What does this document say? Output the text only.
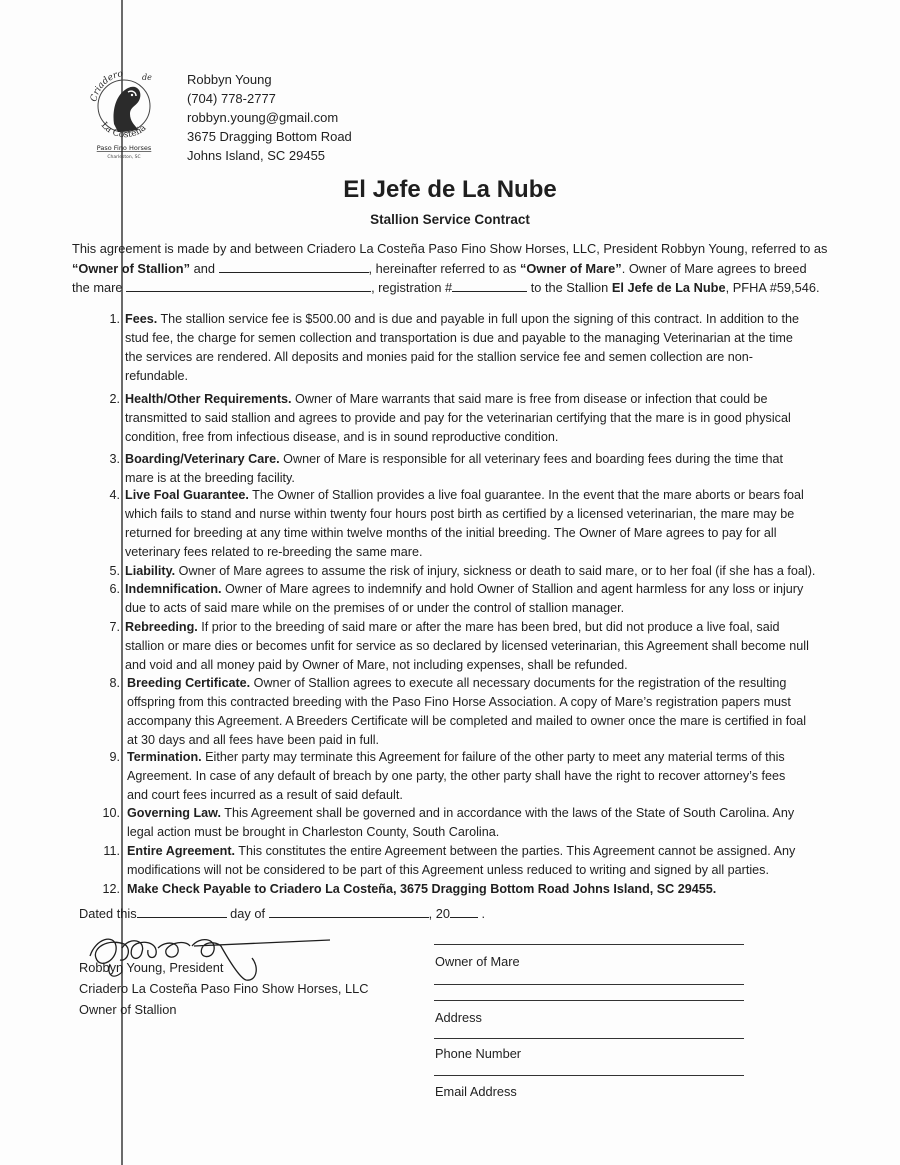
Criadero de
La Costeña
Paso Fino Horses
Charleston, SC
Robbyn Young
(704) 778-2777
robbyn.young@gmail.com
3675 Dragging Bottom Road
Johns Island, SC 29455
El Jefe de La Nube
Stallion Service Contract
This agreement is made by and between Criadero La Costeña Paso Fino Show Horses, LLC, President Robbyn Young, referred to as
“Owner of Stallion” and	, hereinafter referred to as “Owner of Mare”. Owner of Mare agrees to breed
the mare	, registration #	to the Stallion El Jefe de La Nube, PFHA #59,546.
1. Fees. The stallion service fee is $500.00 and is due and payable in full upon the signing of this contract. In addition to the
stud fee, the charge for semen collection and transportation is due and payable to the managing Veterinarian at the time
the services are rendered. All deposits and monies paid for the stallion service fee and semen collection are non-
refundable.
2. Health/Other Requirements. Owner of Mare warrants that said mare is free from disease or infection that could be
transmitted to said stallion and agrees to provide and pay for the veterinarian certifying that the mare is in good physical
condition, free from infectious disease, and is in sound reproductive condition.
3. Boarding/Veterinary Care. Owner of Mare is responsible for all veterinary fees and boarding fees during the time that
mare is at the breeding facility.
4. Live Foal Guarantee. The Owner of Stallion provides a live foal guarantee. In the event that the mare aborts or bears foal
which fails to stand and nurse within twenty four hours post birth as certified by a licensed veterinarian, the mare may be
returned for breeding at any time within twelve months of the initial breeding. The Owner of Mare agrees to pay for all
veterinary fees related to re-breeding the same mare.
5. Liability. Owner of Mare agrees to assume the risk of injury, sickness or death to said mare, or to her foal (if she has a foal).
6. Indemnification. Owner of Mare agrees to indemnify and hold Owner of Stallion and agent harmless for any loss or injury
due to acts of said mare while on the premises of or under the control of stallion manager.
7. Rebreeding. If prior to the breeding of said mare or after the mare has been bred, but did not produce a live foal, said
stallion or mare dies or becomes unfit for service as so declared by licensed veterinarian, this Agreement shall become null
and void and all money paid by Owner of Mare, not including expenses, shall be refunded.
8. Breeding Certificate. Owner of Stallion agrees to execute all necessary documents for the registration of the resulting
offspring from this contracted breeding with the Paso Fino Horse Association. A copy of Mare’s registration papers must
accompany this Agreement. A Breeders Certificate will be completed and mailed to owner once the mare is certified in foal
at 30 days and all fees have been paid in full.
9. Termination. Either party may terminate this Agreement for failure of the other party to meet any material terms of this
Agreement. In case of any default of breach by one party, the other party shall have the right to recover attorney’s fees
and court fees incurred as a result of said default.
10. Governing Law. This Agreement shall be governed and in accordance with the laws of the State of South Carolina. Any
legal action must be brought in Charleston County, South Carolina.
11. Entire Agreement. This constitutes the entire Agreement between the parties. This Agreement cannot be assigned. Any
modifications will not be considered to be part of this Agreement unless reduced to writing and signed by all parties.
12. Make Check Payable to Criadero La Costeña, 3675 Dragging Bottom Road Johns Island, SC 29455.
Dated this	day of	, 20 .
Robbyn Young, President
Criadero La Costeña Paso Fino Show Horses, LLC
Owner of Stallion
Owner of Mare
Address
Phone Number
Email Address
